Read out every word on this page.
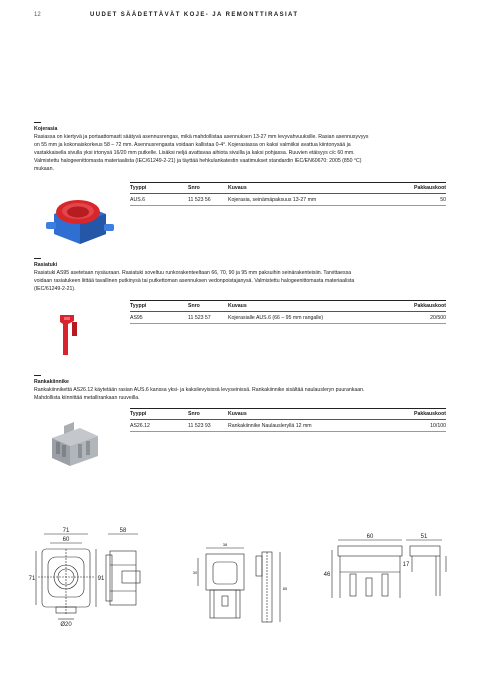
12	UUDET SÄÄDETTÄVÄT KOJE- JA REMONTTIRASIAT
Kojerasia
Rasiassa on kiertyvä ja portaattomasti säätyvä asennusrengas, mikä mahdollistaa asennuksen 13-27 mm levyvahvuuksille. Rasian asennusyvyys
on 55 mm ja kokonaiskorkeus 58 – 72 mm. Asennusrengasta voidaan kallistaa 0-4°. Kojerasiassa on kaksi valmiiksi avattua kiintonysää ja
vastakkaisella sivulla yksi irtonysä 16/20 mm putkelle. Lisäksi neljä avattavaa aihiota sivuilla ja kaksi pohjassa. Ruuvien etäisyys c/c 60 mm.
Valmistettu halogeenittomasta materiaalista (IEC/61249-2-21) ja täyttää hehkulankatestin vaatimukset standardin IEC/EN60670: 2005 (850 °C)
mukaan.
Tyyppi	Snro	Kuvaus	Pakkauskoot
AUS.6	11 523 56	Kojerasia, seinämäpaksuus 13-27 mm	50
Rasiatuki
Rasiatuki AS95 asetetaan nysäuraan. Rasiatuki soveltuu runkorakenteeltaan 66, 70, 90 ja 95 mm paksuihin seinärakenteisiin. Tarvittaessa
voidaan rasiatukeen liittää tavallinen putkinysä tai putkettoman asennuksen vedonpoistajanysä. Valmistettu halogeenittomasta materiaalista
(IEC/61249-2-21).
Tyyppi	Snro	Kuvaus	Pakkauskoot
AS95	11 523 57	Kojerasialle AUS.6 (66 – 95 mm rangalle)	20/500
Rankakiinnike
Rankakiinnikettä AS26.12 käytetään rasian AUS.6 kanssa yksi- ja kaksilevyisissä levyseinissä. Rankakiinnike sisältää naulausleryn puurankaan.
Mahdollista kiinnittää metallirankaan ruuveilla.
Tyyppi	Snro	Kuvaus	Pakkauskoot
AS26.12	11 523 93	Rankakiinnike Naulausleryllä 12 mm	10/100
71
60
58
71	91
Ø20
38
30
85
60	51
46
17
